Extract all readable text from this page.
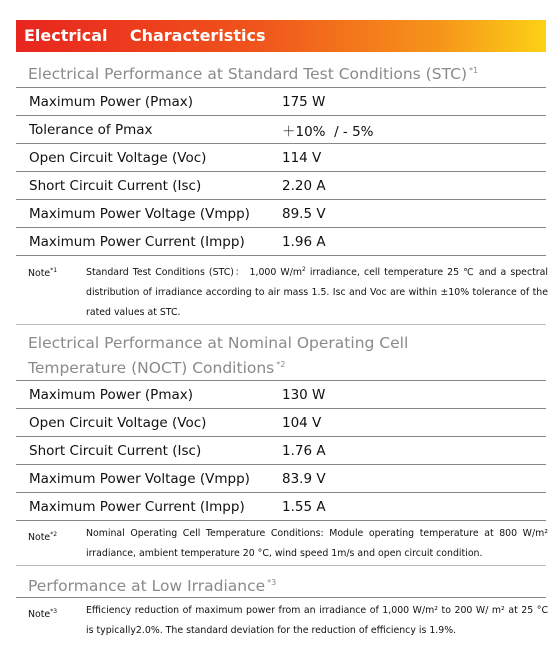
Electrical    Characteristics
Electrical Performance at Standard Test Conditions (STC) $^{*1}$
Maximum Power (Pmax)	175 W
Tolerance of Pmax	＋10%  / - 5%
Open Circuit Voltage (Voc)	114 V
Short Circuit Current (Isc)	2.20 A
Maximum Power Voltage (Vmpp)	89.5 V
Maximum Power Current (Impp)	1.96 A
Note$^{*1}$	Standard Test Conditions (STC)： 1,000 $W/m^2$ irradiance, cell temperature 25 ℃ and a spectral distribution of irradiance according to air mass 1.5. Isc and Voc are within ±10% tolerance of the rated values at STC.
Electrical Performance at Nominal Operating Cell Temperature (NOCT) Conditions $^{*2}$
Maximum Power (Pmax)	130 W
Open Circuit Voltage (Voc)	104 V
Short Circuit Current (Isc)	1.76 A
Maximum Power Voltage (Vmpp)	83.9 V
Maximum Power Current (Impp)	1.55 A
Note$^{*2}$	Nominal Operating Cell Temperature Conditions: Module operating temperature at 800 W/m² irradiance, ambient temperature 20 °C, wind speed 1m/s and open circuit condition.
Performance at Low Irradiance $^{*3}$
Note$^{*3}$	Efficiency reduction of maximum power from an irradiance of 1,000 W/m² to 200 W/ m² at 25 °C is typically2.0%. The standard deviation for the reduction of efficiency is 1.9%.
